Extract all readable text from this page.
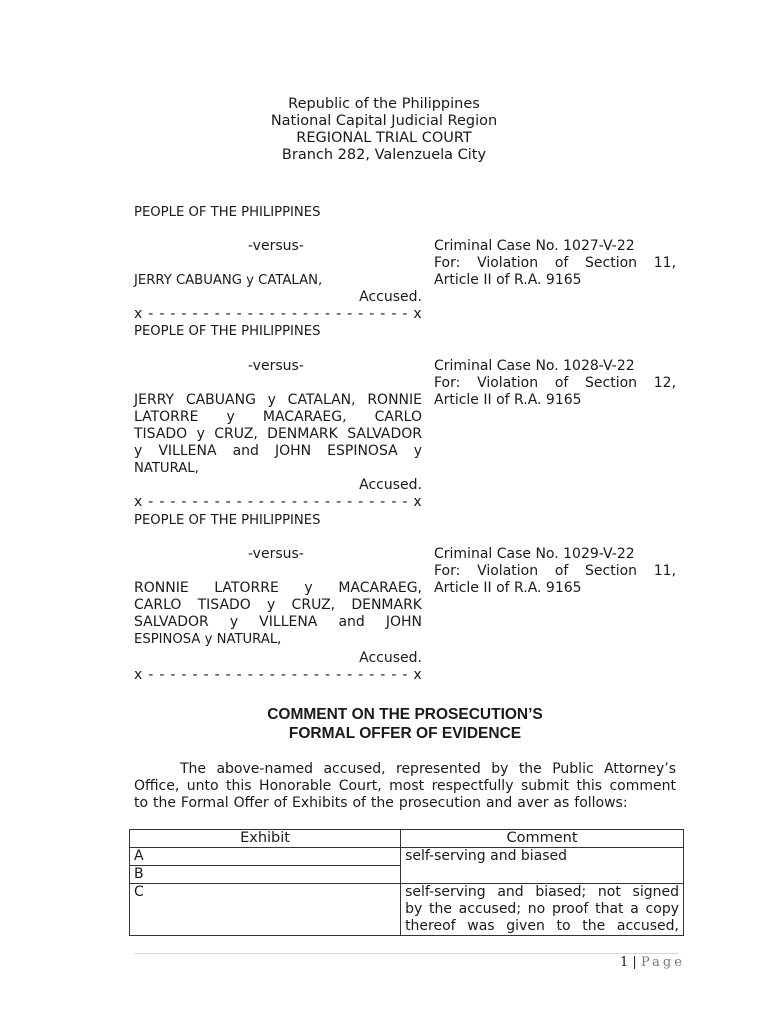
Republic of the Philippines
National Capital Judicial Region
REGIONAL TRIAL COURT
Branch 282, Valenzuela City
PEOPLE OF THE PHILIPPINES
-versus-	Criminal Case No. 1027-V-22
For: Violation of Section 11,
JERRY CABUANG y CATALAN,	Article II of R.A. 9165
Accused.
x - - - - - - - - - - - - - - - - - - - - - - - - x
PEOPLE OF THE PHILIPPINES
-versus-	Criminal Case No. 1028-V-22
For: Violation of Section 12,
JERRY CABUANG y CATALAN, RONNIE Article II of R.A. 9165
LATORRE y MACARAEG, CARLO
TISADO y CRUZ, DENMARK SALVADOR
y VILLENA and JOHN ESPINOSA y
NATURAL,
Accused.
x - - - - - - - - - - - - - - - - - - - - - - - - x
PEOPLE OF THE PHILIPPINES
-versus-	Criminal Case No. 1029-V-22
For: Violation of Section 11,
RONNIE LATORRE y MACARAEG, Article II of R.A. 9165
CARLO TISADO y CRUZ, DENMARK
SALVADOR y VILLENA and JOHN
ESPINOSA y NATURAL,
Accused.
x - - - - - - - - - - - - - - - - - - - - - - - - x
COMMENT ON THE PROSECUTION’S
FORMAL OFFER OF EVIDENCE
The above-named accused, represented by the Public Attorney’s
Office, unto this Honorable Court, most respectfully submit this comment
to the Formal Offer of Exhibits of the prosecution and aver as follows:
Exhibit	Comment
A	self-serving and biased
B	
C	self-serving and biased; not signed
by the accused; no proof that a copy
thereof was given to the accused,
1 | Page
